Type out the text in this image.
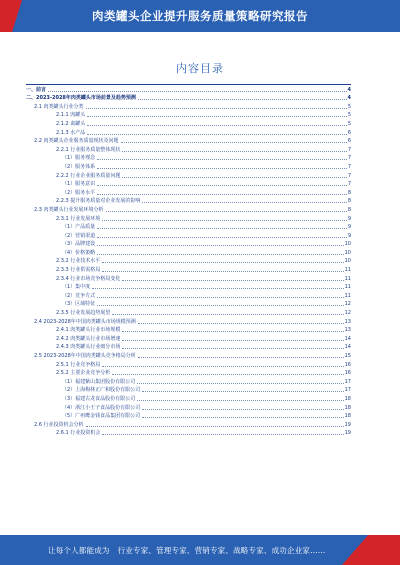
肉类罐头企业提升服务质量策略研究报告
内容目录
一、前言	4
二、2023-2028年肉类罐头市场前景及趋势预测	4
2.1 肉类罐头行业分类	5
2.1.1 肉罐头	5
2.1.2 禽罐头	5
2.1.3 水产品	6
2.2 肉类罐头企业服务质量现状及问题	6
2.2.1 行业服务质量整体现状	7
（1）服务理念	7
（2）服务体系	7
2.2.2 行业企业服务质量问题	7
（1）服务意识	7
（2）服务水平	8
2.2.3 提升服务质量对企业发展的影响	8
2.3 肉类罐头行业发展环境分析	8
2.3.1 行业发展环境	9
（1）产品质量	9
（2）营销渠道	9
（3）品牌建设	10
（4）价格策略	10
2.3.2 行业技术水平	10
2.3.3 行业供需格局	11
2.3.4 行业市场竞争格局变化	11
（1）集中度	11
（2）竞争方式	11
（3）区域特征	12
2.3.5 行业发展趋势展望	12
2.4 2023-2028年中国肉类罐头市场规模预测	13
2.4.1 肉类罐头行业市场规模	13
2.4.2 肉类罐头行业市场增速	14
2.4.3 肉类罐头行业细分市场	14
2.5 2023-2028年中国肉类罐头竞争格局分析	15
2.5.1 行业竞争格局	16
2.5.2 主要企业竞争分析	16
（1）福建紫山集团股份有限公司	17
（2）上海梅林正广和股份有限公司	17
（3）福建古龙食品股份有限公司	18
（4）浙江小王子食品股份有限公司	18
（5）广州鹰金钱食品集团有限公司	18
2.6 行业投资机会分析	19
2.6.1 行业投资机会	19
让每个人都能成为 行业专家、管理专家、营销专家、战略专家、成功企业家……
